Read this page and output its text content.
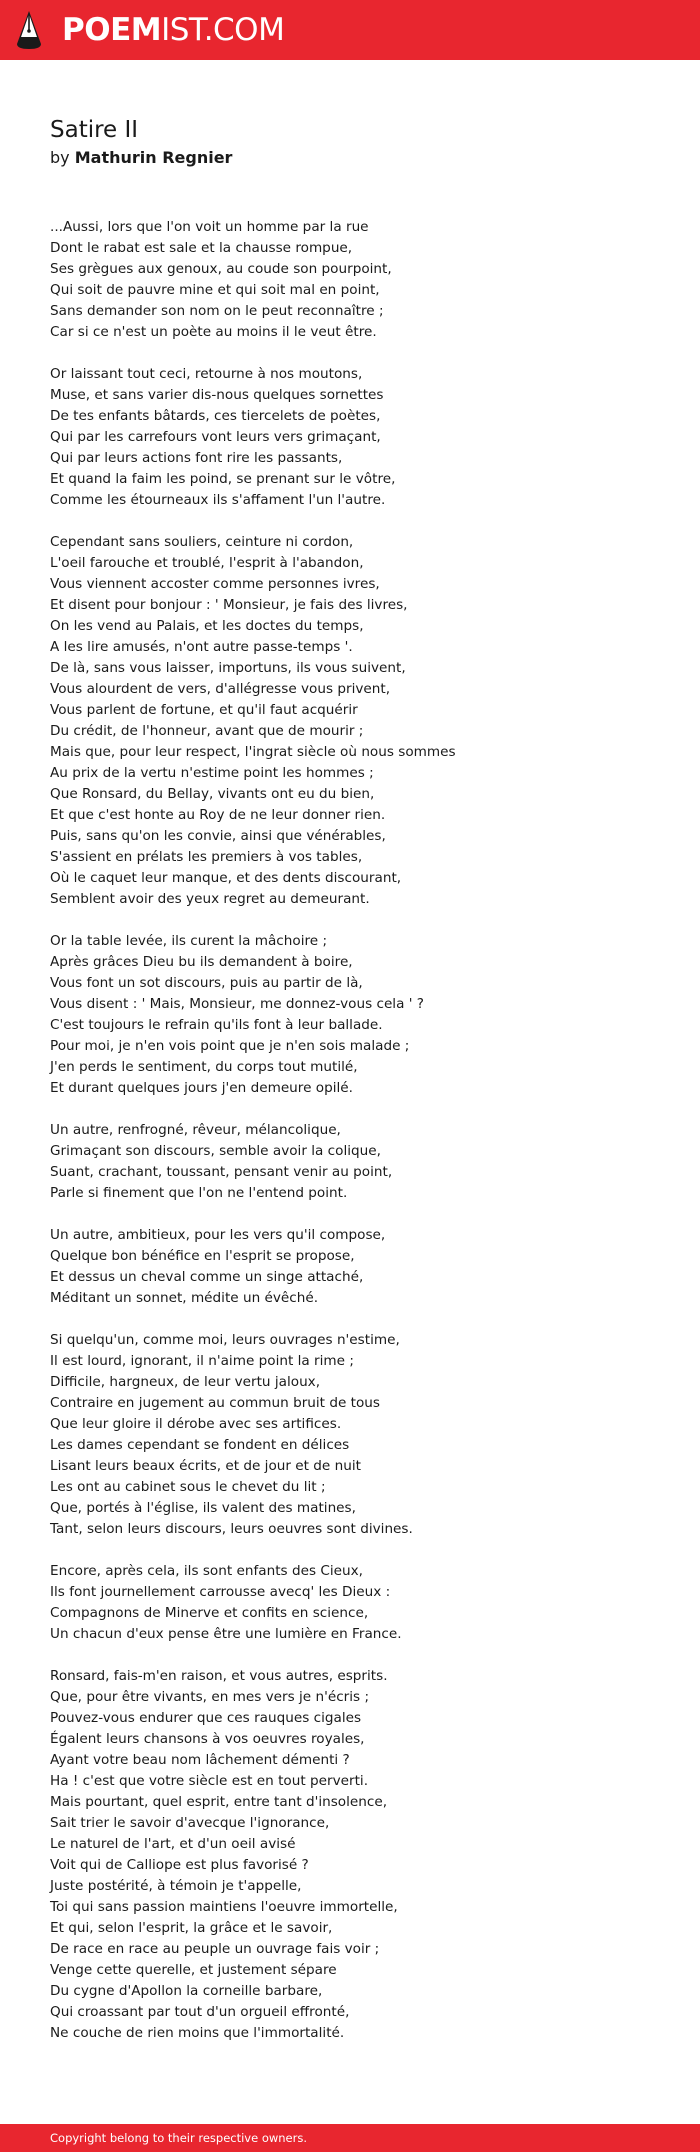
POEMIST.COM
Satire II

by Mathurin Regnier

...Aussi, lors que l'on voit un homme par la rue
Dont le rabat est sale et la chausse rompue,
Ses grègues aux genoux, au coude son pourpoint,
Qui soit de pauvre mine et qui soit mal en point,
Sans demander son nom on le peut reconnaître ;
Car si ce n'est un poète au moins il le veut être.
Or laissant tout ceci, retourne à nos moutons,
Muse, et sans varier dis-nous quelques sornettes
De tes enfants bâtards, ces tiercelets de poètes,
Qui par les carrefours vont leurs vers grimaçant,
Qui par leurs actions font rire les passants,
Et quand la faim les poind, se prenant sur le vôtre,
Comme les étourneaux ils s'affament l'un l'autre.
Cependant sans souliers, ceinture ni cordon,
L'oeil farouche et troublé, l'esprit à l'abandon,
Vous viennent accoster comme personnes ivres,
Et disent pour bonjour : ' Monsieur, je fais des livres,
On les vend au Palais, et les doctes du temps,
A les lire amusés, n'ont autre passe-temps '.
De là, sans vous laisser, importuns, ils vous suivent,
Vous alourdent de vers, d'allégresse vous privent,
Vous parlent de fortune, et qu'il faut acquérir
Du crédit, de l'honneur, avant que de mourir ;
Mais que, pour leur respect, l'ingrat siècle où nous sommes
Au prix de la vertu n'estime point les hommes ;
Que Ronsard, du Bellay, vivants ont eu du bien,
Et que c'est honte au Roy de ne leur donner rien.
Puis, sans qu'on les convie, ainsi que vénérables,
S'assient en prélats les premiers à vos tables,
Où le caquet leur manque, et des dents discourant,
Semblent avoir des yeux regret au demeurant.
Or la table levée, ils curent la mâchoire ;
Après grâces Dieu bu ils demandent à boire,
Vous font un sot discours, puis au partir de là,
Vous disent : ' Mais, Monsieur, me donnez-vous cela ' ?
C'est toujours le refrain qu'ils font à leur ballade.
Pour moi, je n'en vois point que je n'en sois malade ;
J'en perds le sentiment, du corps tout mutilé,
Et durant quelques jours j'en demeure opilé.
Un autre, renfrogné, rêveur, mélancolique,
Grimaçant son discours, semble avoir la colique,
Suant, crachant, toussant, pensant venir au point,
Parle si finement que l'on ne l'entend point.
Un autre, ambitieux, pour les vers qu'il compose,
Quelque bon bénéfice en l'esprit se propose,
Et dessus un cheval comme un singe attaché,
Méditant un sonnet, médite un évêché.
Si quelqu'un, comme moi, leurs ouvrages n'estime,
Il est lourd, ignorant, il n'aime point la rime ;
Difficile, hargneux, de leur vertu jaloux,
Contraire en jugement au commun bruit de tous
Que leur gloire il dérobe avec ses artifices.
Les dames cependant se fondent en délices
Lisant leurs beaux écrits, et de jour et de nuit
Les ont au cabinet sous le chevet du lit ;
Que, portés à l'église, ils valent des matines,
Tant, selon leurs discours, leurs oeuvres sont divines.
Encore, après cela, ils sont enfants des Cieux,
Ils font journellement carrousse avecq' les Dieux :
Compagnons de Minerve et confits en science,
Un chacun d'eux pense être une lumière en France.
Ronsard, fais-m'en raison, et vous autres, esprits.
Que, pour être vivants, en mes vers je n'écris ;
Pouvez-vous endurer que ces rauques cigales
Égalent leurs chansons à vos oeuvres royales,
Ayant votre beau nom lâchement démenti ?
Ha ! c'est que votre siècle est en tout perverti.
Mais pourtant, quel esprit, entre tant d'insolence,
Sait trier le savoir d'avecque l'ignorance,
Le naturel de l'art, et d'un oeil avisé
Voit qui de Calliope est plus favorisé ?
Juste postérité, à témoin je t'appelle,
Toi qui sans passion maintiens l'oeuvre immortelle,
Et qui, selon l'esprit, la grâce et le savoir,
De race en race au peuple un ouvrage fais voir ;
Venge cette querelle, et justement sépare
Du cygne d'Apollon la corneille barbare,
Qui croassant par tout d'un orgueil effronté,
Ne couche de rien moins que l'immortalité.
Copyright belong to their respective owners.
